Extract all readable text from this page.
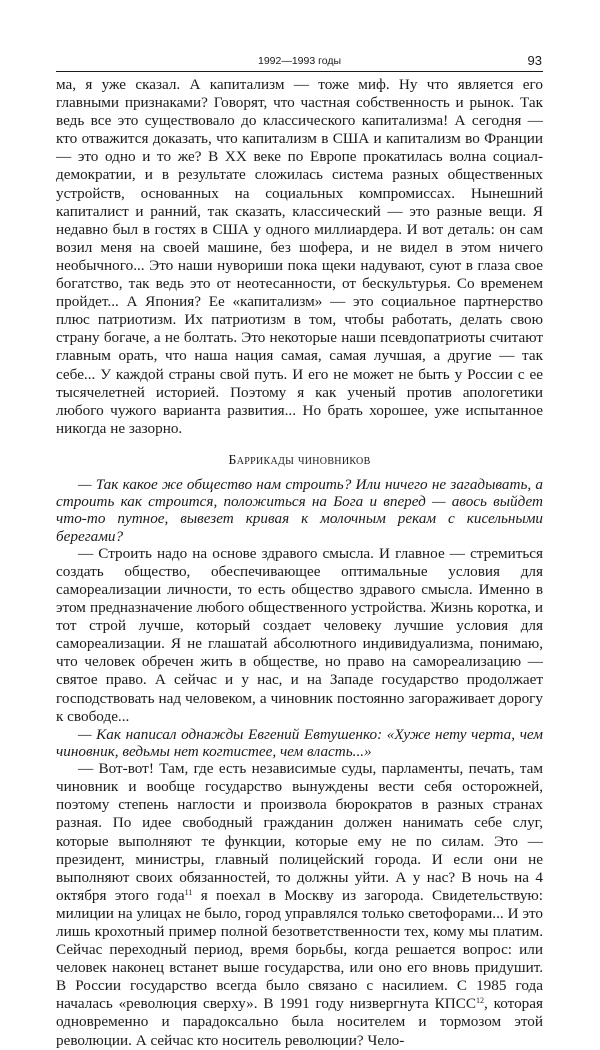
1992—1993 годы	93

ма, я уже сказал. А капитализм — тоже миф. Ну что является его главными признаками? Говорят, что частная собственность и рынок. Так ведь все это существовало до классического капитализма! А сегодня — кто отважится доказать, что капитализм в США и капитализм во Франции — это одно и то же? В XX веке по Европе прокатилась волна социал-демократии, и в результате сложилась система разных общественных устройств, основанных на социальных компромиссах. Нынешний капиталист и ранний, так сказать, классический — это разные вещи. Я недавно был в гостях в США у одного миллиардера. И вот деталь: он сам возил меня на своей машине, без шофера, и не видел в этом ничего необычного... Это наши нувориши пока щеки надувают, суют в глаза свое богатство, так ведь это от неотесанности, от бескультурья. Со временем пройдет... А Япония? Ее «капитализм» — это социальное партнерство плюс патриотизм. Их патриотизм в том, чтобы работать, делать свою страну богаче, а не болтать. Это некоторые наши псевдопатриоты считают главным орать, что наша нация самая, самая лучшая, а другие — так себе... У каждой страны свой путь. И его не может не быть у России с ее тысячелетней историей. Поэтому я как ученый против апологетики любого чужого варианта развития... Но брать хорошее, уже испытанное никогда не зазорно.

Баррикады чиновников

— Так какое же общество нам строить? Или ничего не загадывать, а строить как строится, положиться на Бога и вперед — авось выйдет что-то путное, вывезет кривая к молочным рекам с кисельными берегами?

— Строить надо на основе здравого смысла. И главное — стремиться создать общество, обеспечивающее оптимальные условия для самореализации личности, то есть общество здравого смысла. Именно в этом предназначение любого общественного устройства. Жизнь коротка, и тот строй лучше, который создает человеку лучшие условия для самореализации. Я не глашатай абсолютного индивидуализма, понимаю, что человек обречен жить в обществе, но право на самореализацию — святое право. А сейчас и у нас, и на Западе государство продолжает господствовать над человеком, а чиновник постоянно загораживает дорогу к свободе...

— Как написал однажды Евгений Евтушенко: «Хуже нету черта, чем чиновник, ведьмы нет когтистее, чем власть...»

— Вот-вот! Там, где есть независимые суды, парламенты, печать, там чиновник и вообще государство вынуждены вести себя осторожней, поэтому степень наглости и произвола бюрократов в разных странах разная. По идее свободный гражданин должен нанимать себе слуг, которые выполняют те функции, которые ему не по силам. Это — президент, министры, главный полицейский города. И если они не выполняют своих обязанностей, то должны уйти. А у нас? В ночь на 4 октября этого года$^{11}$ я поехал в Москву из загорода. Свидетельствую: милиции на улицах не было, город управлялся только светофорами... И это лишь крохотный пример полной безответственности тех, кому мы платим. Сейчас переходный период, время борьбы, когда решается вопрос: или человек наконец встанет выше государства, или оно его вновь придушит. В России государство всегда было связано с насилием. С 1985 года началась «революция сверху». В 1991 году низвергнута КПСС$^{12}$, которая одновременно и парадоксально была носителем и тормозом этой революции. А сейчас кто носитель революции? Чело-
